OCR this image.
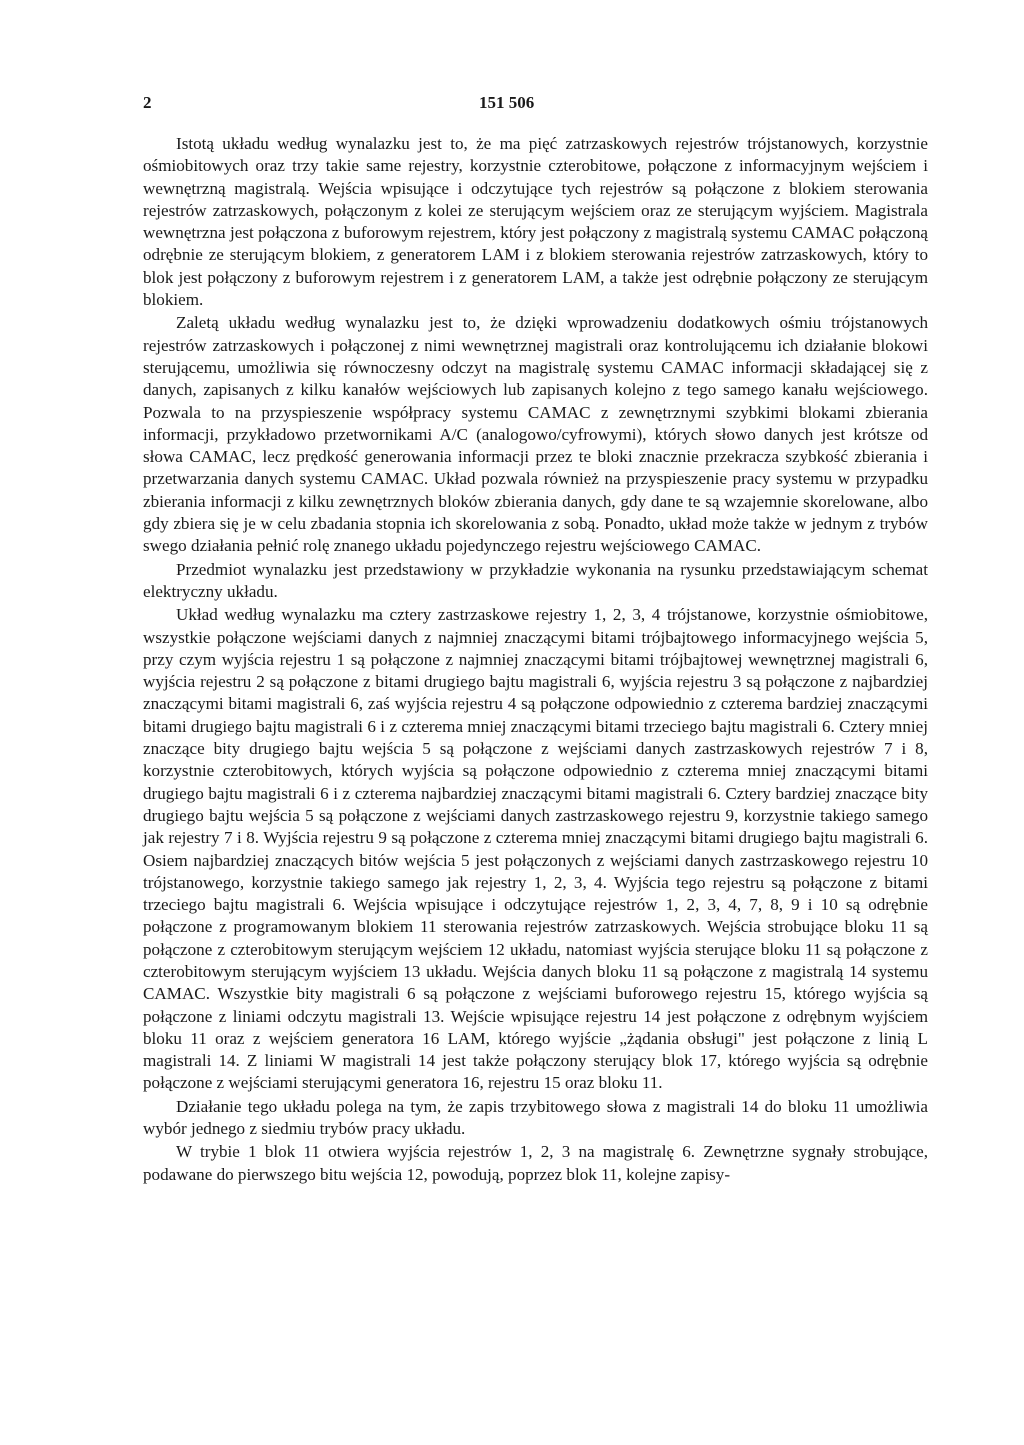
2	151 506

Istotą układu według wynalazku jest to, że ma pięć zatrzaskowych rejestrów trójstanowych, korzystnie ośmiobitowych oraz trzy takie same rejestry, korzystnie czterobitowe, połączone z informacyjnym wejściem i wewnętrzną magistralą. Wejścia wpisujące i odczytujące tych rejestrów są połączone z blokiem sterowania rejestrów zatrzaskowych, połączonym z kolei ze sterującym wejściem oraz ze sterującym wyjściem. Magistrala wewnętrzna jest połączona z buforowym rejestrem, który jest połączony z magistralą systemu CAMAC połączoną odrębnie ze sterującym blokiem, z generatorem LAM i z blokiem sterowania rejestrów zatrzaskowych, który to blok jest połączony z buforowym rejestrem i z generatorem LAM, a także jest odrębnie połączony ze sterującym blokiem.

Zaletą układu według wynalazku jest to, że dzięki wprowadzeniu dodatkowych ośmiu trójstanowych rejestrów zatrzaskowych i połączonej z nimi wewnętrznej magistrali oraz kontrolującemu ich działanie blokowi sterującemu, umożliwia się równoczesny odczyt na magistralę systemu CAMAC informacji składającej się z danych, zapisanych z kilku kanałów wejściowych lub zapisanych kolejno z tego samego kanału wejściowego. Pozwala to na przyspieszenie współpracy systemu CAMAC z zewnętrznymi szybkimi blokami zbierania informacji, przykładowo przetwornikami A/C (analogowo/cyfrowymi), których słowo danych jest krótsze od słowa CAMAC, lecz prędkość generowania informacji przez te bloki znacznie przekracza szybkość zbierania i przetwarzania danych systemu CAMAC. Układ pozwala również na przyspieszenie pracy systemu w przypadku zbierania informacji z kilku zewnętrznych bloków zbierania danych, gdy dane te są wzajemnie skorelowane, albo gdy zbiera się je w celu zbadania stopnia ich skorelowania z sobą. Ponadto, układ może także w jednym z trybów swego działania pełnić rolę znanego układu pojedynczego rejestru wejściowego CAMAC.

Przedmiot wynalazku jest przedstawiony w przykładzie wykonania na rysunku przedstawiającym schemat elektryczny układu.

Układ według wynalazku ma cztery zastrzaskowe rejestry 1, 2, 3, 4 trójstanowe, korzystnie ośmiobitowe, wszystkie połączone wejściami danych z najmniej znaczącymi bitami trójbajtowego informacyjnego wejścia 5, przy czym wyjścia rejestru 1 są połączone z najmniej znaczącymi bitami trójbajtowej wewnętrznej magistrali 6, wyjścia rejestru 2 są połączone z bitami drugiego bajtu magistrali 6, wyjścia rejestru 3 są połączone z najbardziej znaczącymi bitami magistrali 6, zaś wyjścia rejestru 4 są połączone odpowiednio z czterema bardziej znaczącymi bitami drugiego bajtu magistrali 6 i z czterema mniej znaczącymi bitami trzeciego bajtu magistrali 6. Cztery mniej znaczące bity drugiego bajtu wejścia 5 są połączone z wejściami danych zastrzaskowych rejestrów 7 i 8, korzystnie czterobitowych, których wyjścia są połączone odpowiednio z czterema mniej znaczącymi bitami drugiego bajtu magistrali 6 i z czterema najbardziej znaczącymi bitami magistrali 6. Cztery bardziej znaczące bity drugiego bajtu wejścia 5 są połączone z wejściami danych zastrzaskowego rejestru 9, korzystnie takiego samego jak rejestry 7 i 8. Wyjścia rejestru 9 są połączone z czterema mniej znaczącymi bitami drugiego bajtu magistrali 6. Osiem najbardziej znaczących bitów wejścia 5 jest połączonych z wejściami danych zastrzaskowego rejestru 10 trójstanowego, korzystnie takiego samego jak rejestry 1, 2, 3, 4. Wyjścia tego rejestru są połączone z bitami trzeciego bajtu magistrali 6. Wejścia wpisujące i odczytujące rejestrów 1, 2, 3, 4, 7, 8, 9 i 10 są odrębnie połączone z programowanym blokiem 11 sterowania rejestrów zatrzaskowych. Wejścia strobujące bloku 11 są połączone z czterobitowym sterującym wejściem 12 układu, natomiast wyjścia sterujące bloku 11 są połączone z czterobitowym sterującym wyjściem 13 układu. Wejścia danych bloku 11 są połączone z magistralą 14 systemu CAMAC. Wszystkie bity magistrali 6 są połączone z wejściami buforowego rejestru 15, którego wyjścia są połączone z liniami odczytu magistrali 13. Wejście wpisujące rejestru 14 jest połączone z odrębnym wyjściem bloku 11 oraz z wejściem generatora 16 LAM, którego wyjście „żądania obsługi" jest połączone z linią L magistrali 14. Z liniami W magistrali 14 jest także połączony sterujący blok 17, którego wyjścia są odrębnie połączone z wejściami sterującymi generatora 16, rejestru 15 oraz bloku 11.

Działanie tego układu polega na tym, że zapis trzybitowego słowa z magistrali 14 do bloku 11 umożliwia wybór jednego z siedmiu trybów pracy układu.

W trybie 1 blok 11 otwiera wyjścia rejestrów 1, 2, 3 na magistralę 6. Zewnętrzne sygnały strobujące, podawane do pierwszego bitu wejścia 12, powodują, poprzez blok 11, kolejne zapisy-
